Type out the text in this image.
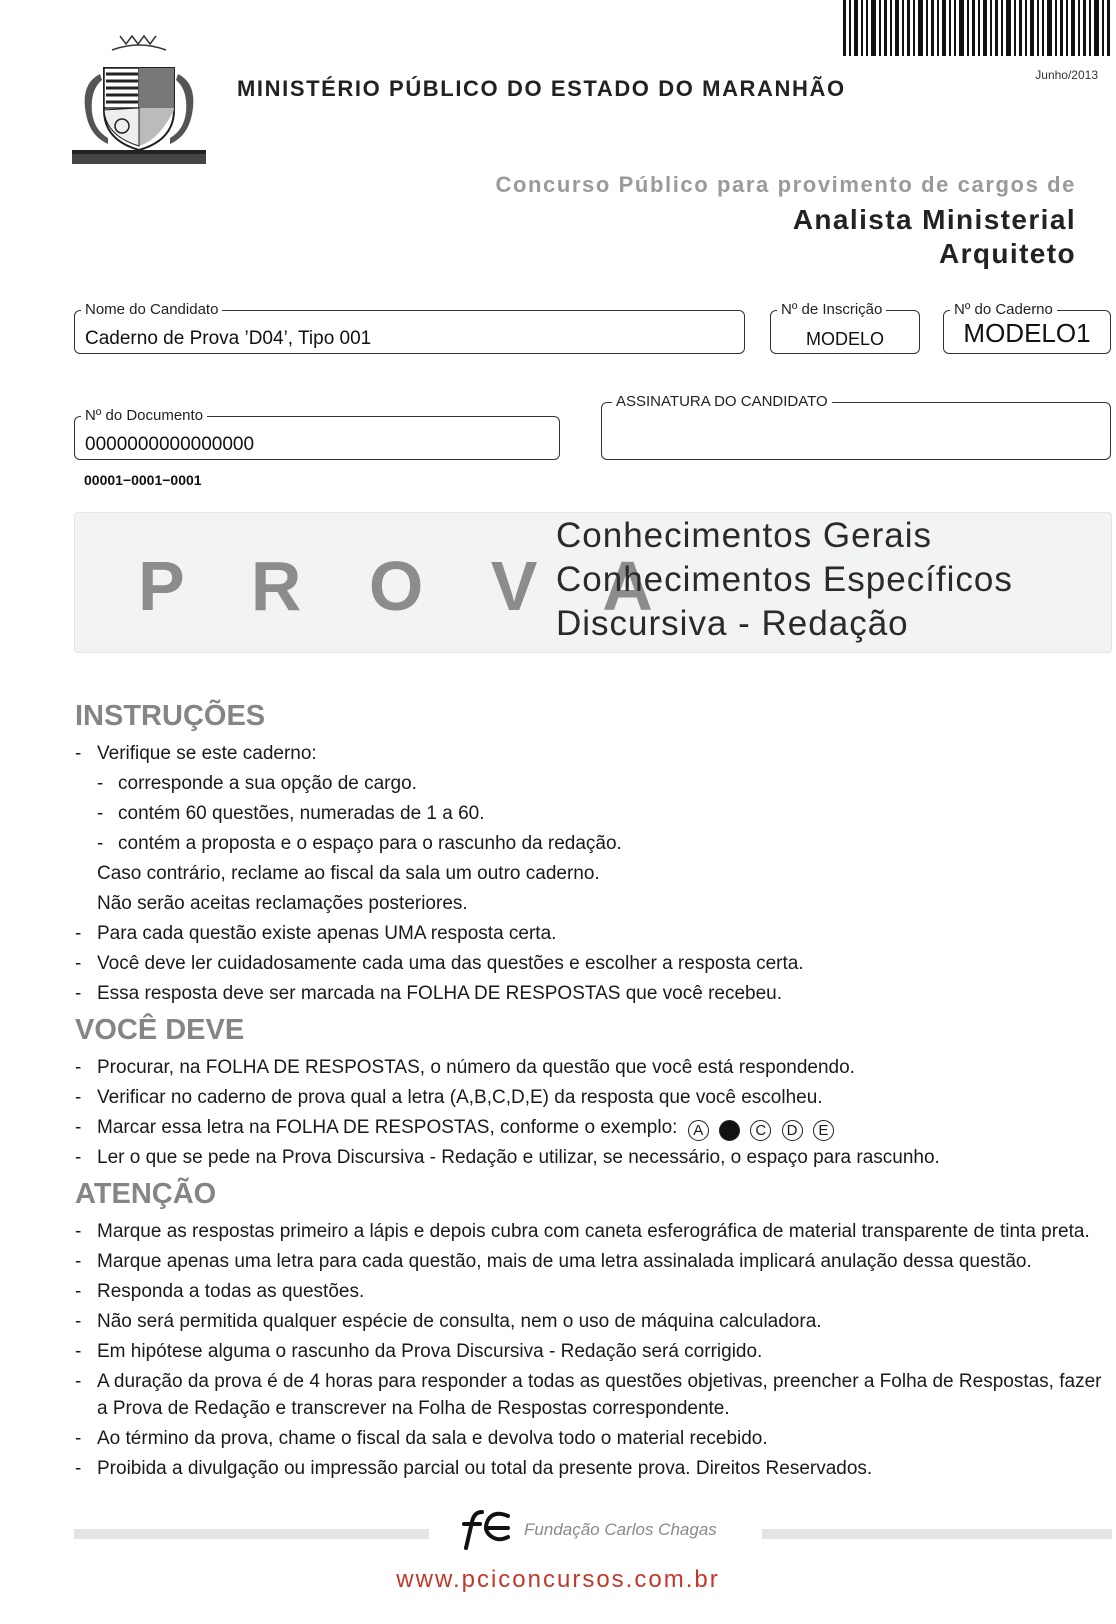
Junho/2013
MINISTÉRIO PÚBLICO DO ESTADO DO MARANHÃO
Concurso Público para provimento de cargos de
Analista Ministerial
Arquiteto
Nome do Candidato
Caderno de Prova ’D04’, Tipo 001
Nº de Inscrição
MODELO
Nº do Caderno
MODELO1
Nº do Documento
0000000000000000
ASSINATURA DO CANDIDATO
00001−0001−0001
P R O V A
Conhecimentos Gerais
Conhecimentos Específicos
Discursiva - Redação
INSTRUÇÕES
- Verifique se este caderno:
- corresponde a sua opção de cargo.
- contém 60 questões, numeradas de 1 a 60.
- contém a proposta e o espaço para o rascunho da redação.
Caso contrário, reclame ao fiscal da sala um outro caderno.
Não serão aceitas reclamações posteriores.
- Para cada questão existe apenas UMA resposta certa.
- Você deve ler cuidadosamente cada uma das questões e escolher a resposta certa.
- Essa resposta deve ser marcada na FOLHA DE RESPOSTAS que você recebeu.
VOCÊ DEVE
- Procurar, na FOLHA DE RESPOSTAS, o número da questão que você está respondendo.
- Verificar no caderno de prova qual a letra (A,B,C,D,E) da resposta que você escolheu.
- Marcar essa letra na FOLHA DE RESPOSTAS, conforme o exemplo: A B C D E
- Ler o que se pede na Prova Discursiva - Redação e utilizar, se necessário, o espaço para rascunho.
ATENÇÃO
- Marque as respostas primeiro a lápis e depois cubra com caneta esferográfica de material transparente de tinta preta.
- Marque apenas uma letra para cada questão, mais de uma letra assinalada implicará anulação dessa questão.
- Responda a todas as questões.
- Não será permitida qualquer espécie de consulta, nem o uso de máquina calculadora.
- Em hipótese alguma o rascunho da Prova Discursiva - Redação será corrigido.
- A duração da prova é de 4 horas para responder a todas as questões objetivas, preencher a Folha de Respostas, fazer a Prova de Redação e transcrever na Folha de Respostas correspondente.
- Ao término da prova, chame o fiscal da sala e devolva todo o material recebido.
- Proibida a divulgação ou impressão parcial ou total da presente prova. Direitos Reservados.
Fundação Carlos Chagas
www.pciconcursos.com.br
